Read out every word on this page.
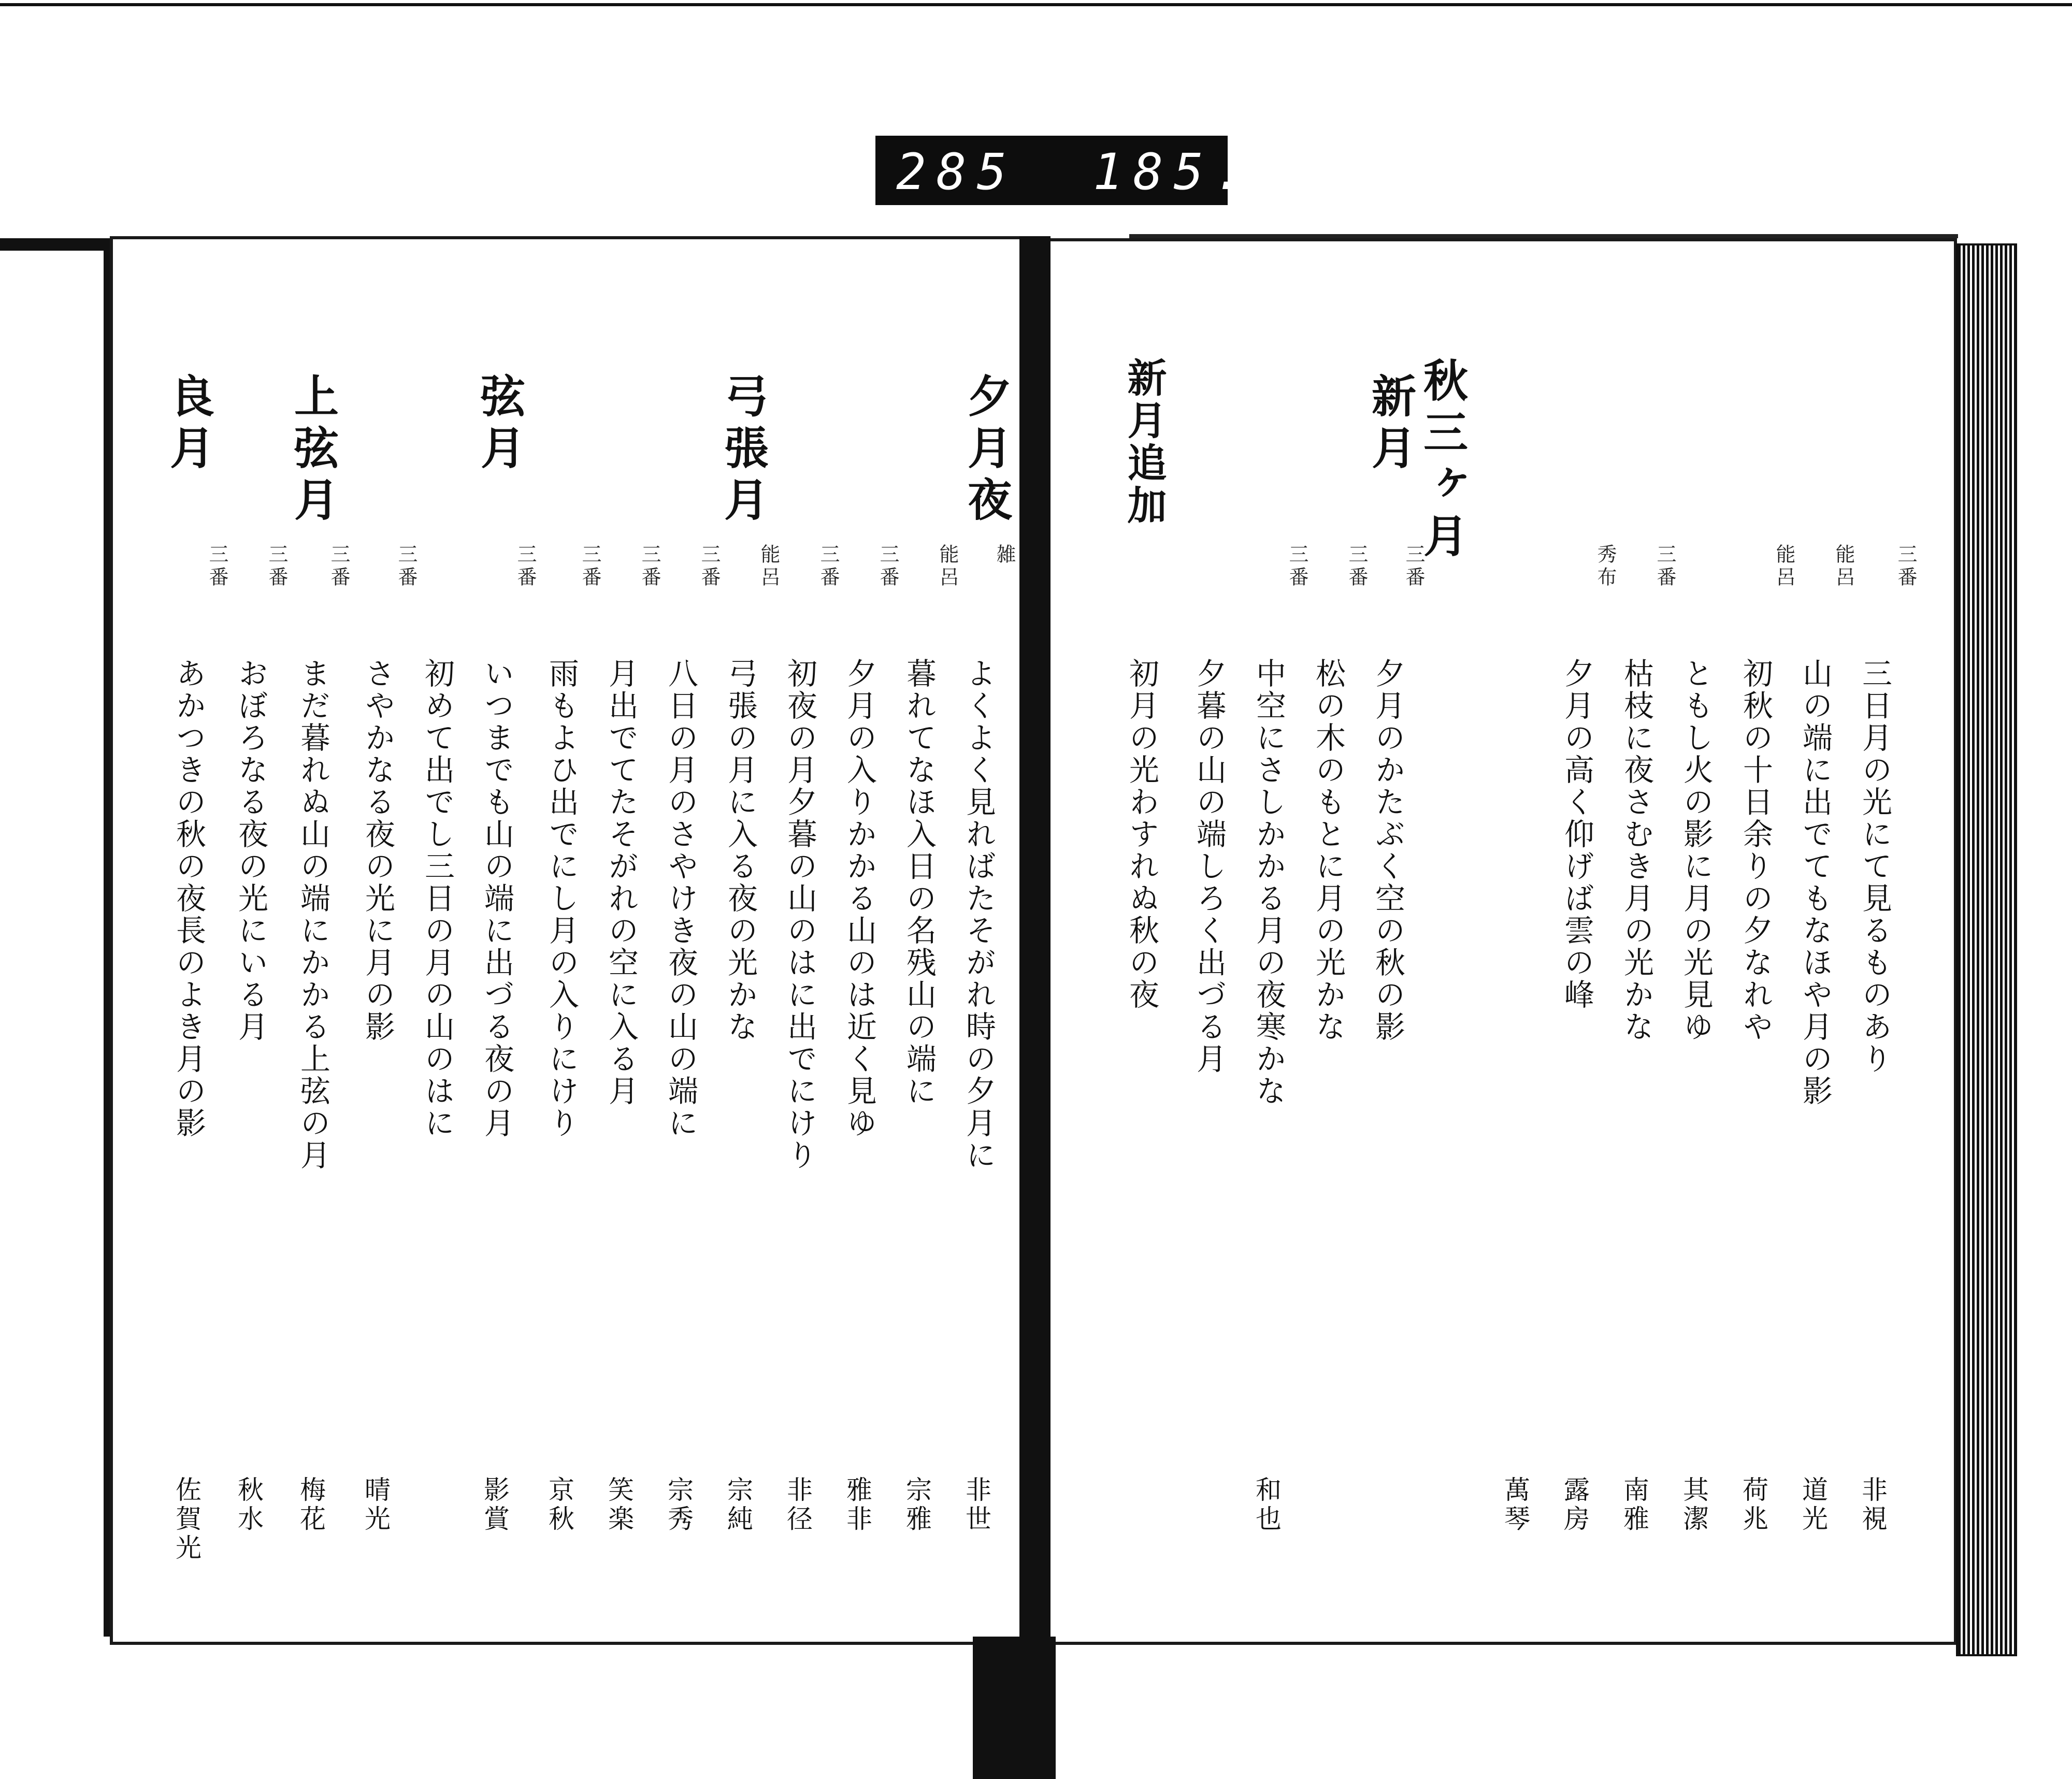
285 185.
三日月の光にて見るものあり
三番
非視
山の端に出でてもなほや月の影
能呂
道光
初秋の十日余りの夕なれや
能呂
荷兆
ともし火の影に月の光見ゆ
其潔
枯枝に夜さむき月の光かな
三番
南雅
夕月の高く仰げば雲の峰
秀布
露房
萬琴
秋三ヶ月
新月
夕月のかたぶく空の秋の影
三番
松の木のもとに月の光かな
三番
中空にさしかかる月の夜寒かな
三番
和也
夕暮の山の端しろく出づる月
新月追加
初月の光わすれぬ秋の夜
夕月夜
よくよく見ればたそがれ時の夕月に
雑
非世
暮れてなほ入日の名残山の端に
能呂
宗雅
夕月の入りかかる山のは近く見ゆ
三番
雅非
初夜の月夕暮の山のはに出でにけり
三番
非径
弓張月
弓張の月に入る夜の光かな
能呂
宗純
八日の月のさやけき夜の山の端に
三番
宗秀
月出でてたそがれの空に入る月
三番
笑楽
雨もよひ出でにし月の入りにけり
三番
京秋
弦月
いつまでも山の端に出づる夜の月
三番
影賞
初めて出でし三日の月の山のはに
さやかなる夜の光に月の影
三番
晴光
上弦月
まだ暮れぬ山の端にかかる上弦の月
三番
梅花
おぼろなる夜の光にいる月
三番
秋水
良月
あかつきの秋の夜長のよき月の影
三番
佐賀光
